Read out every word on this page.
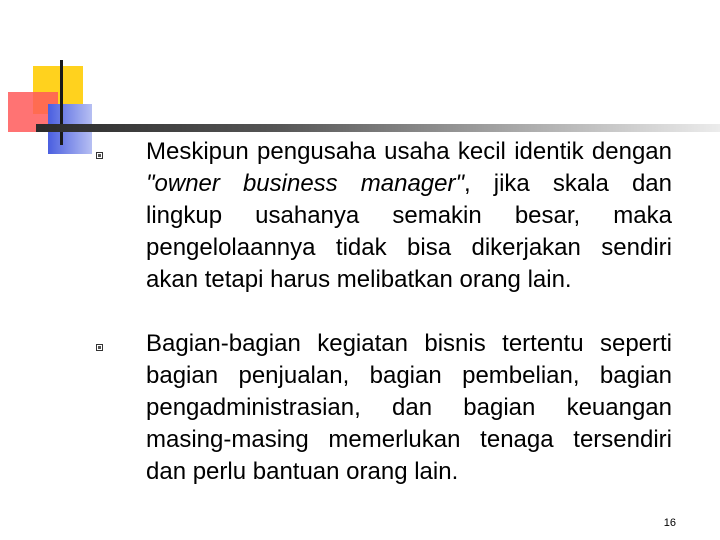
Meskipun pengusaha usaha kecil identik dengan "owner business manager", jika skala dan lingkup usahanya semakin besar, maka pengelolaannya tidak bisa dikerjakan sendiri akan tetapi harus melibatkan orang lain.

Bagian‐bagian kegiatan bisnis tertentu seperti bagian penjualan, bagian pembelian, bagian pengadministrasian, dan bagian keuangan masing‐masing memerlukan tenaga tersendiri dan perlu bantuan orang lain.

16
